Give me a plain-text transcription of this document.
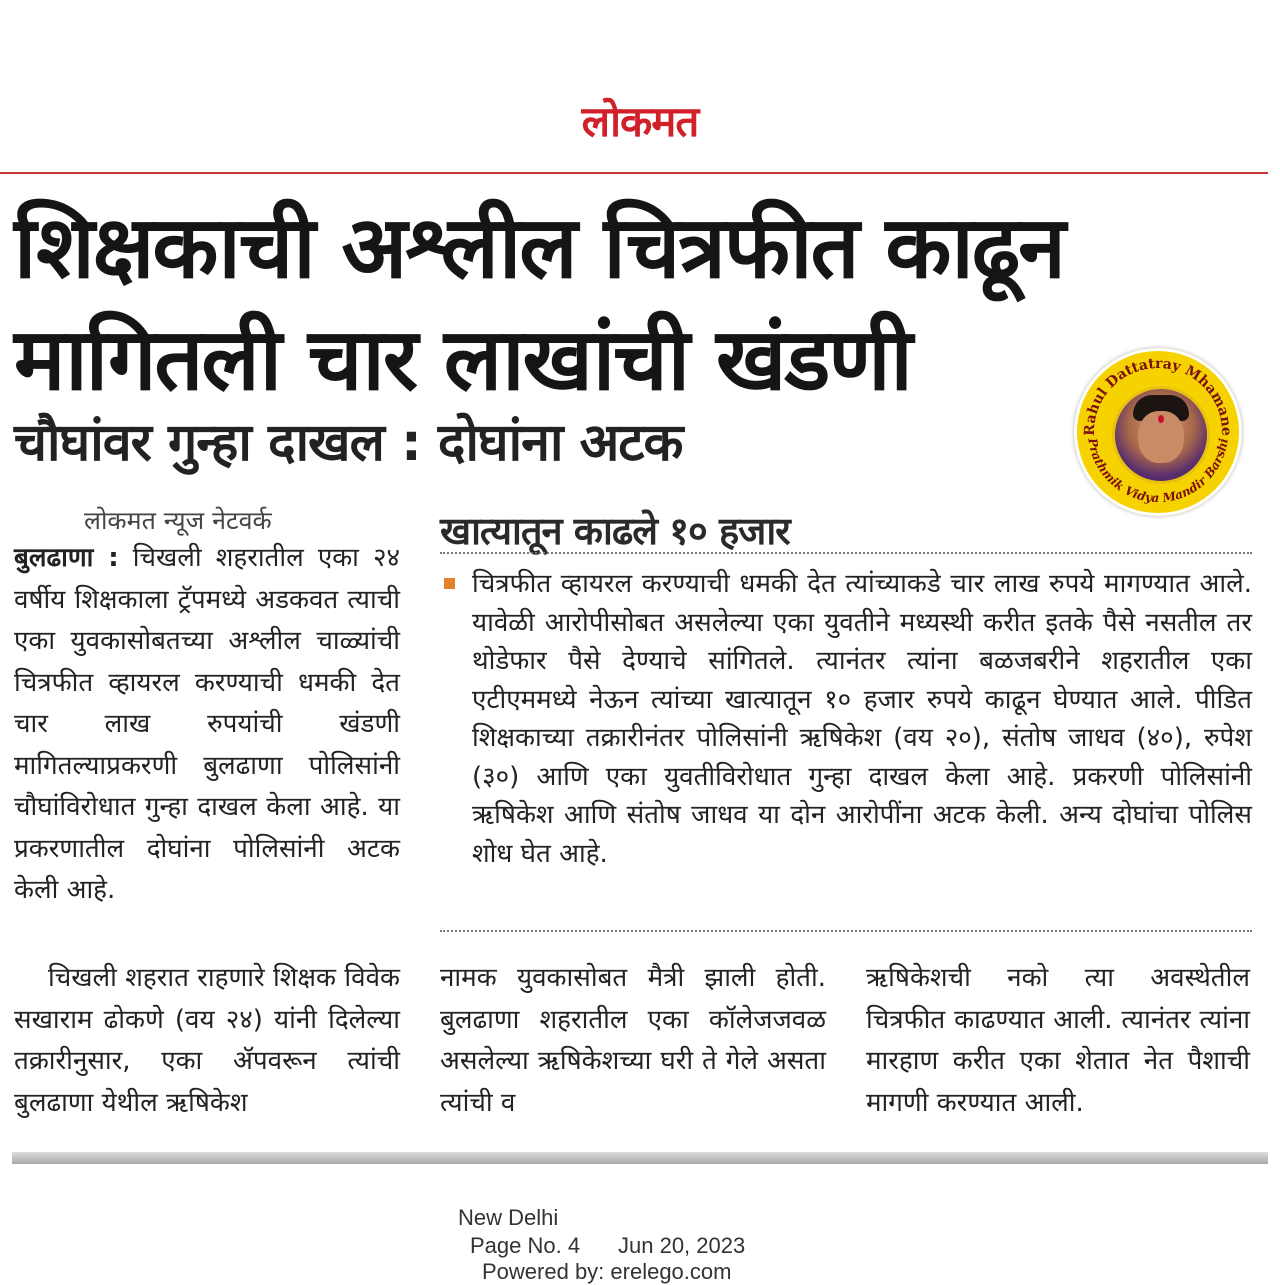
लोकमत
शिक्षकाची अश्लील चित्रफीत काढून
मागितली चार लाखांची खंडणी
चौघांवर गुन्हा दाखल : दोघांना अटक	Rahul Dattatray Mhamane
Prathmik Vidya Mandir Barshi
लोकमत न्यूज नेटवर्क
बुलढाणा : चिखली शहरातील एका २४ वर्षीय शिक्षकाला ट्रॅपमध्ये अडकवत त्याची एका युवकासोबतच्या अश्लील चाळ्यांची चित्रफीत व्हायरल करण्याची धमकी देत चार लाख रुपयांची खंडणी मागितल्याप्रकरणी बुलढाणा पोलिसांनी चौघांविरोधात गुन्हा दाखल केला आहे. या प्रकरणातील दोघांना पोलिसांनी अटक केली आहे.
खात्यातून काढले १० हजार
चित्रफीत व्हायरल करण्याची धमकी देत त्यांच्याकडे चार लाख रुपये मागण्यात आले. यावेळी आरोपीसोबत असलेल्या एका युवतीने मध्यस्थी करीत इतके पैसे नसतील तर थोडेफार पैसे देण्याचे सांगितले. त्यानंतर त्यांना बळजबरीने शहरातील एका एटीएममध्ये नेऊन त्यांच्या खात्यातून १० हजार रुपये काढून घेण्यात आले. पीडित शिक्षकाच्या तक्रारीनंतर पोलिसांनी ऋषिकेश (वय २०), संतोष जाधव (४०), रुपेश (३०) आणि एका युवतीविरोधात गुन्हा दाखल केला आहे. प्रकरणी पोलिसांनी ऋषिकेश आणि संतोष जाधव या दोन आरोपींना अटक केली. अन्य दोघांचा पोलिस शोध घेत आहे.
चिखली शहरात राहणारे शिक्षक विवेक सखाराम ढोकणे (वय २४) यांनी दिलेल्या तक्रारीनुसार, एका ॲपवरून त्यांची बुलढाणा येथील ऋषिकेश
नामक युवकासोबत मैत्री झाली होती. बुलढाणा शहरातील एका कॉलेजजवळ असलेल्या ऋषिकेशच्या घरी ते गेले असता त्यांची व
ऋषिकेशची नको त्या अवस्थेतील चित्रफीत काढण्यात आली. त्यानंतर त्यांना मारहाण करीत एका शेतात नेत पैशाची मागणी करण्यात आली.
New Delhi
Page No. 4 Jun 20, 2023
Powered by: erelego.com
